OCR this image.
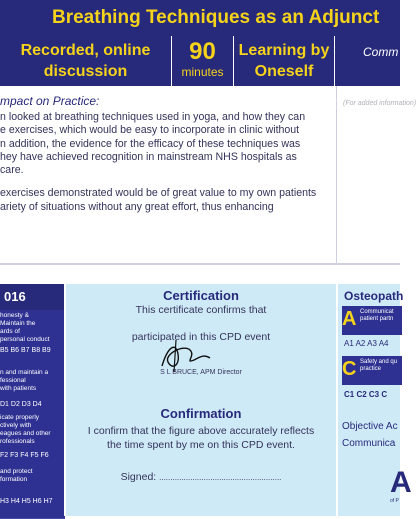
Breathing Techniques as an Adjunct
Recorded, online discussion
90
minutes
Learning by Oneself
Comm
mpact on Practice:

n looked at breathing techniques used in yoga, and how they can
e exercises, which would be easy to incorporate in clinic without
n addition, the evidence for the efficacy of these techniques was
hey have achieved recognition in mainstream NHS hospitals as
care.

exercises demonstrated would be of great value to my own patients
ariety of situations without any great effort, thus enhancing

(For added information)
honesty &
Maintain the
ards of
personal conduct
B5 B6 B7 B8 B9
n and maintain a
fessional
with patients
D1 D2 D3 D4
icate properly
ctively with
eagues and other
rofessionals
F2 F3 F4 F5 F6
and protect
formation
H3 H4 H5 H6 H7
016	Certification
This certificate confirms that
participated in this CPD event
S L BRUCE, APM Director
Confirmation
I confirm that the figure above accurately reflects
the time spent by me on this CPD event.
Signed: .......................................................
Osteopath
A Communicat
patient partn
A1 A2 A3 A4
C Safety and qu
practice
C1 C2 C3 C
Objective Ac
Communica
A
of P
